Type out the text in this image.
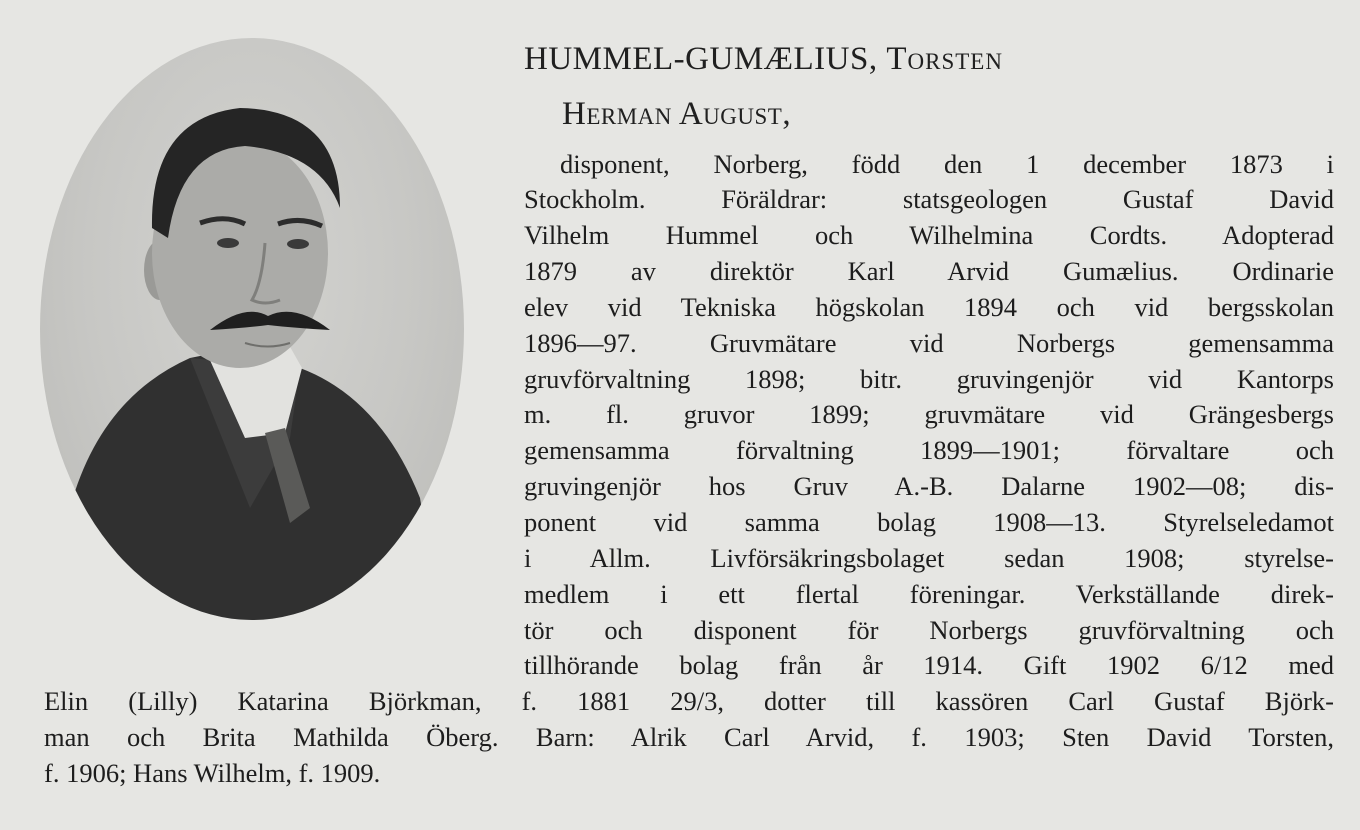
HUMMEL-GUMÆLIUS, Torsten
Herman August,
disponent, Norberg, född den 1 december 1873 i
Stockholm. Föräldrar: statsgeologen Gustaf David
Vilhelm Hummel och Wilhelmina Cordts. Adopterad
1879 av direktör Karl Arvid Gumælius. Ordinarie
elev vid Tekniska högskolan 1894 och vid bergsskolan
1896—97. Gruvmätare vid Norbergs gemensamma
gruvförvaltning 1898; bitr. gruvingenjör vid Kantorps
m. fl. gruvor 1899; gruvmätare vid Grängesbergs
gemensamma förvaltning 1899—1901; förvaltare och
gruvingenjör hos Gruv A.-B. Dalarne 1902—08; dis-
ponent vid samma bolag 1908—13. Styrelseledamot
i Allm. Livförsäkringsbolaget sedan 1908; styrelse-
medlem i ett flertal föreningar. Verkställande direk-
tör och disponent för Norbergs gruvförvaltning och
tillhörande bolag från år 1914. Gift 1902 6/12 med
Elin (Lilly) Katarina Björkman, f. 1881 29/3, dotter till kassören Carl Gustaf Björk-
man och Brita Mathilda Öberg. Barn: Alrik Carl Arvid, f. 1903; Sten David Torsten,
f. 1906; Hans Wilhelm, f. 1909.
